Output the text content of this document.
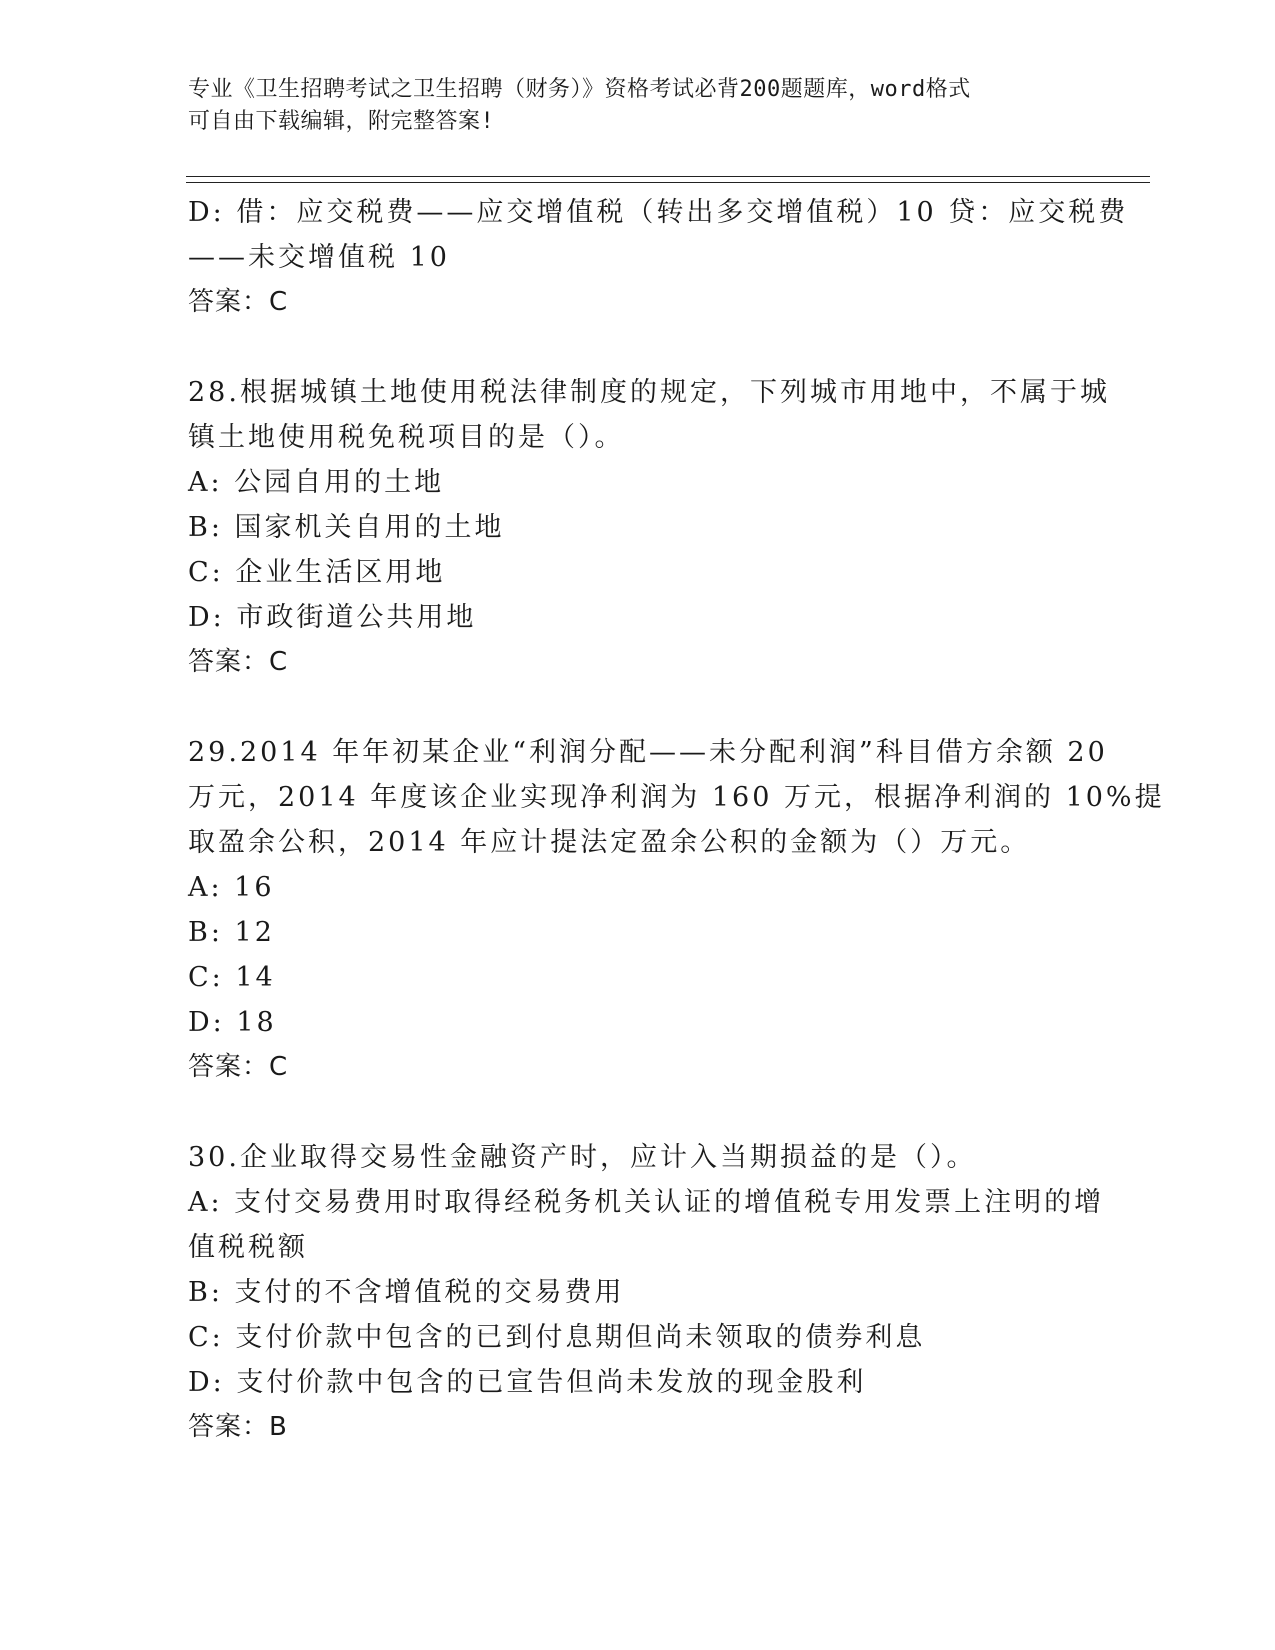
专业《卫生招聘考试之卫生招聘（财务）》资格考试必背200题题库，word格式
可自由下载编辑，附完整答案!
D: 借：应交税费——应交增值税（转出多交增值税）10 贷：应交税费
——未交增值税 10
答案：C
28.根据城镇土地使用税法律制度的规定，下列城市用地中，不属于城
镇土地使用税免税项目的是（）。
A: 公园自用的土地
B: 国家机关自用的土地
C: 企业生活区用地
D: 市政街道公共用地
答案：C
29.2014 年年初某企业“利润分配——未分配利润”科目借方余额 20
万元，2014 年度该企业实现净利润为 160 万元，根据净利润的 10%提
取盈余公积，2014 年应计提法定盈余公积的金额为（）万元。
A: 16
B: 12
C: 14
D: 18
答案：C
30.企业取得交易性金融资产时，应计入当期损益的是（）。
A: 支付交易费用时取得经税务机关认证的增值税专用发票上注明的增
值税税额
B: 支付的不含增值税的交易费用
C: 支付价款中包含的已到付息期但尚未领取的债券利息
D: 支付价款中包含的已宣告但尚未发放的现金股利
答案：B
